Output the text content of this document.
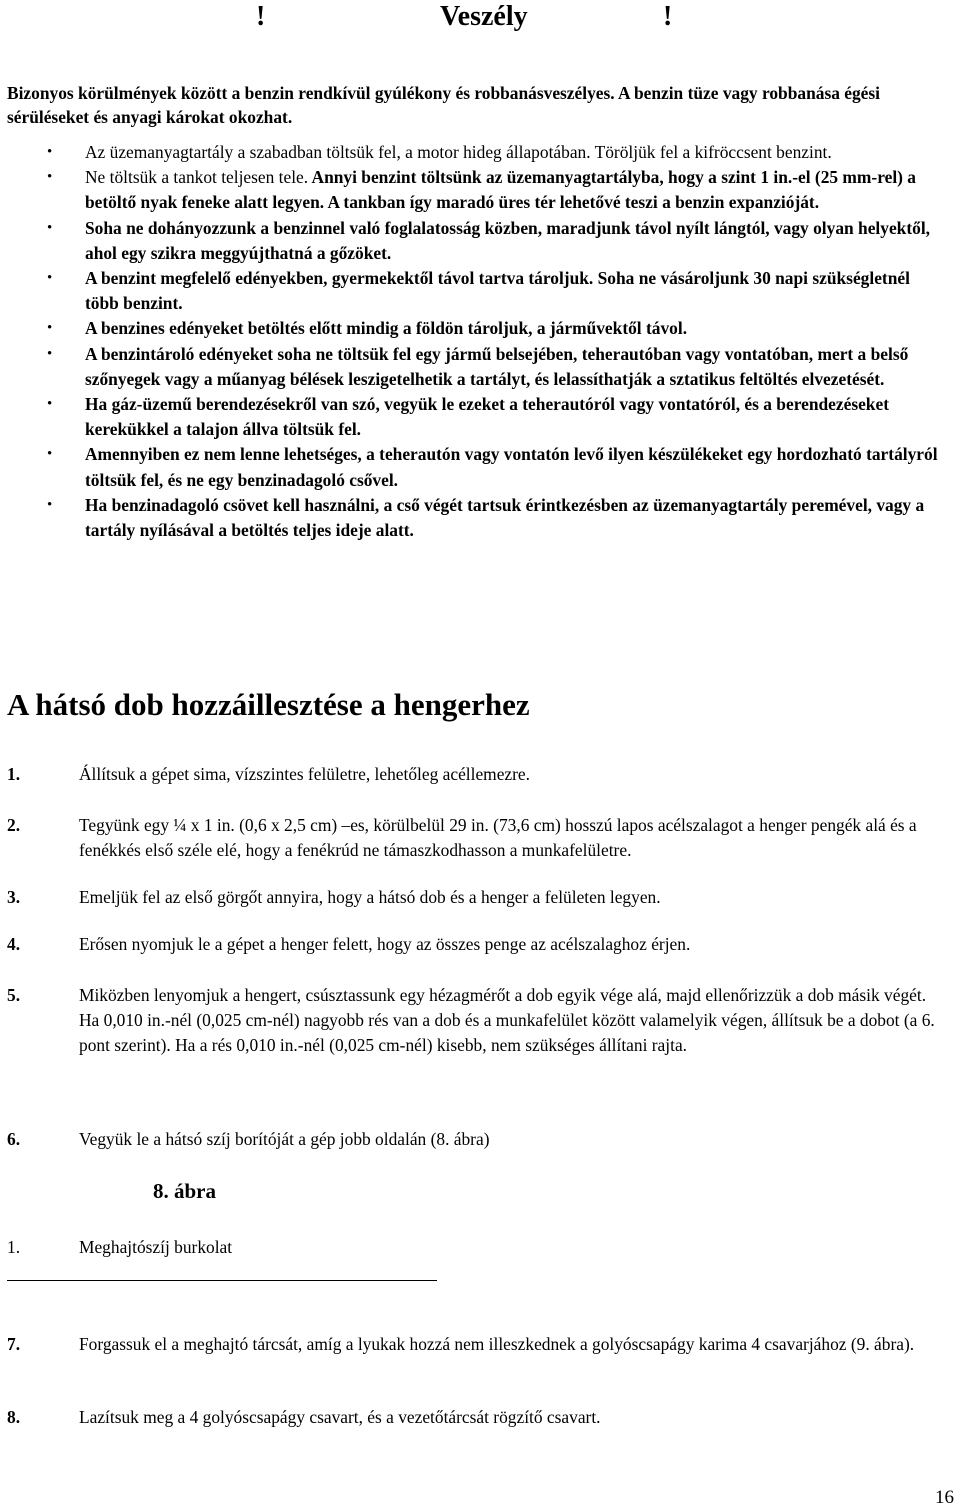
!	Veszély	!

Bizonyos körülmények között a benzin rendkívül gyúlékony és robbanásveszélyes. A benzin tüze vagy robbanása égési sérüléseket és anyagi károkat okozhat.

• Az üzemanyagtartály a szabadban töltsük fel, a motor hideg állapotában. Töröljük fel a kifröccsent benzint.
• Ne töltsük a tankot teljesen tele. Annyi benzint töltsünk az üzemanyagtartályba, hogy a szint 1 in.-el (25 mm-rel) a betöltő nyak feneke alatt legyen. A tankban így maradó üres tér lehetővé teszi a benzin expanzióját.
• Soha ne dohányozzunk a benzinnel való foglalatosság közben, maradjunk távol nyílt lángtól, vagy olyan helyektől, ahol egy szikra meggyújthatná a gőzöket.
• A benzint megfelelő edényekben, gyermekektől távol tartva tároljuk. Soha ne vásároljunk 30 napi szükségletnél több benzint.
• A benzines edényeket betöltés előtt mindig a földön tároljuk, a járművektől távol.
• A benzintároló edényeket soha ne töltsük fel egy jármű belsejében, teherautóban vagy vontatóban, mert a belső szőnyegek vagy a műanyag bélések leszigetelhetik a tartályt, és lelassíthatják a sztatikus feltöltés elvezetését.
• Ha gáz-üzemű berendezésekről van szó, vegyük le ezeket a teherautóról vagy vontatóról, és a berendezéseket kerekükkel a talajon állva töltsük fel.
• Amennyiben ez nem lenne lehetséges, a teherautón vagy vontatón levő ilyen készülékeket egy hordozható tartályról töltsük fel, és ne egy benzinadagoló csővel.
• Ha benzinadagoló csövet kell használni, a cső végét tartsuk érintkezésben az üzemanyagtartály peremével, vagy a tartály nyílásával a betöltés teljes ideje alatt.
A hátsó dob hozzáillesztése a hengerhez
1.	Állítsuk a gépet sima, vízszintes felületre, lehetőleg acéllemezre.
2.	Tegyünk egy ¼ x 1 in. (0,6 x 2,5 cm) –es, körülbelül 29 in. (73,6 cm) hosszú lapos acélszalagot a henger pengék alá és a fenékkés első széle elé, hogy a fenékrúd ne támaszkodhasson a munkafelületre.
3.	Emeljük fel az első görgőt annyira, hogy a hátsó dob és a henger a felületen legyen.
4.	Erősen nyomjuk le a gépet a henger felett, hogy az összes penge az acélszalaghoz érjen.
5.	Miközben lenyomjuk a hengert, csúsztassunk egy hézagmérőt a dob egyik vége alá, majd ellenőrizzük a dob másik végét.
Ha 0,010 in.-nél (0,025 cm-nél) nagyobb rés van a dob és a munkafelület között valamelyik végen, állítsuk be a dobot (a 6. pont szerint). Ha a rés 0,010 in.-nél (0,025 cm-nél) kisebb, nem szükséges állítani rajta.
6.	Vegyük le a hátsó szíj borítóját a gép jobb oldalán (8. ábra)
8. ábra
1.	Meghajtószíj burkolat
7.	Forgassuk el a meghajtó tárcsát, amíg a lyukak hozzá nem illeszkednek a golyóscsapágy karima 4 csavarjához (9. ábra).
8.	Lazítsuk meg a 4 golyóscsapágy csavart, és a vezetőtárcsát rögzítő csavart.
16
